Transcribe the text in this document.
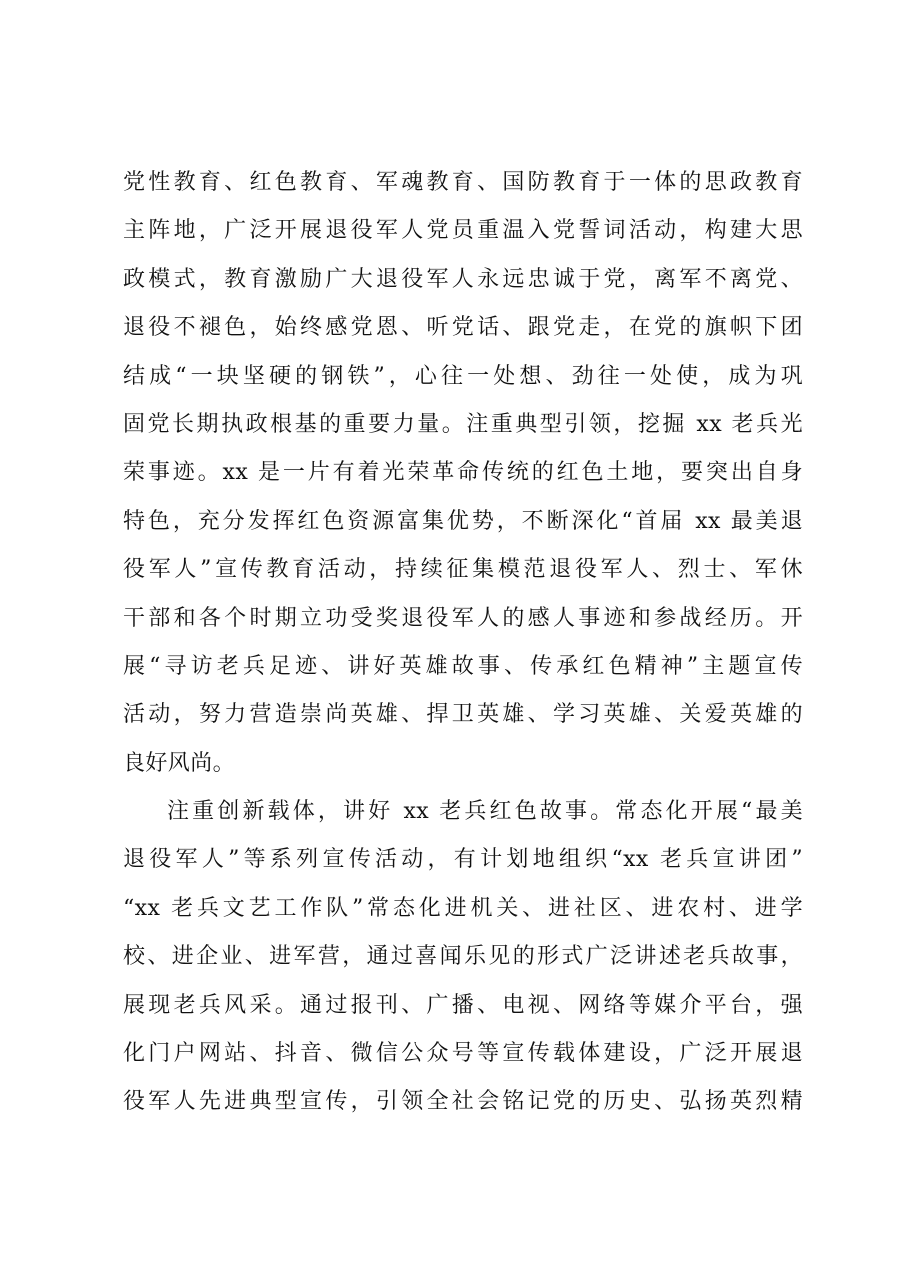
党性教育、红色教育、军魂教育、国防教育于一体的思政教育
主阵地，广泛开展退役军人党员重温入党誓词活动，构建大思
政模式，教育激励广大退役军人永远忠诚于党，离军不离党、
退役不褪色，始终感党恩、听党话、跟党走，在党的旗帜下团
结成“一块坚硬的钢铁”，心往一处想、劲往一处使，成为巩
固党长期执政根基的重要力量。注重典型引领，挖掘 xx 老兵光
荣事迹。xx 是一片有着光荣革命传统的红色土地，要突出自身
特色，充分发挥红色资源富集优势，不断深化“首届 xx 最美退
役军人”宣传教育活动，持续征集模范退役军人、烈士、军休
干部和各个时期立功受奖退役军人的感人事迹和参战经历。开
展“寻访老兵足迹、讲好英雄故事、传承红色精神”主题宣传
活动，努力营造崇尚英雄、捍卫英雄、学习英雄、关爱英雄的
良好风尚。
注重创新载体，讲好 xx 老兵红色故事。常态化开展“最美
退役军人”等系列宣传活动，有计划地组织“xx 老兵宣讲团”
“xx 老兵文艺工作队”常态化进机关、进社区、进农村、进学
校、进企业、进军营，通过喜闻乐见的形式广泛讲述老兵故事，
展现老兵风采。通过报刊、广播、电视、网络等媒介平台，强
化门户网站、抖音、微信公众号等宣传载体建设，广泛开展退
役军人先进典型宣传，引领全社会铭记党的历史、弘扬英烈精
